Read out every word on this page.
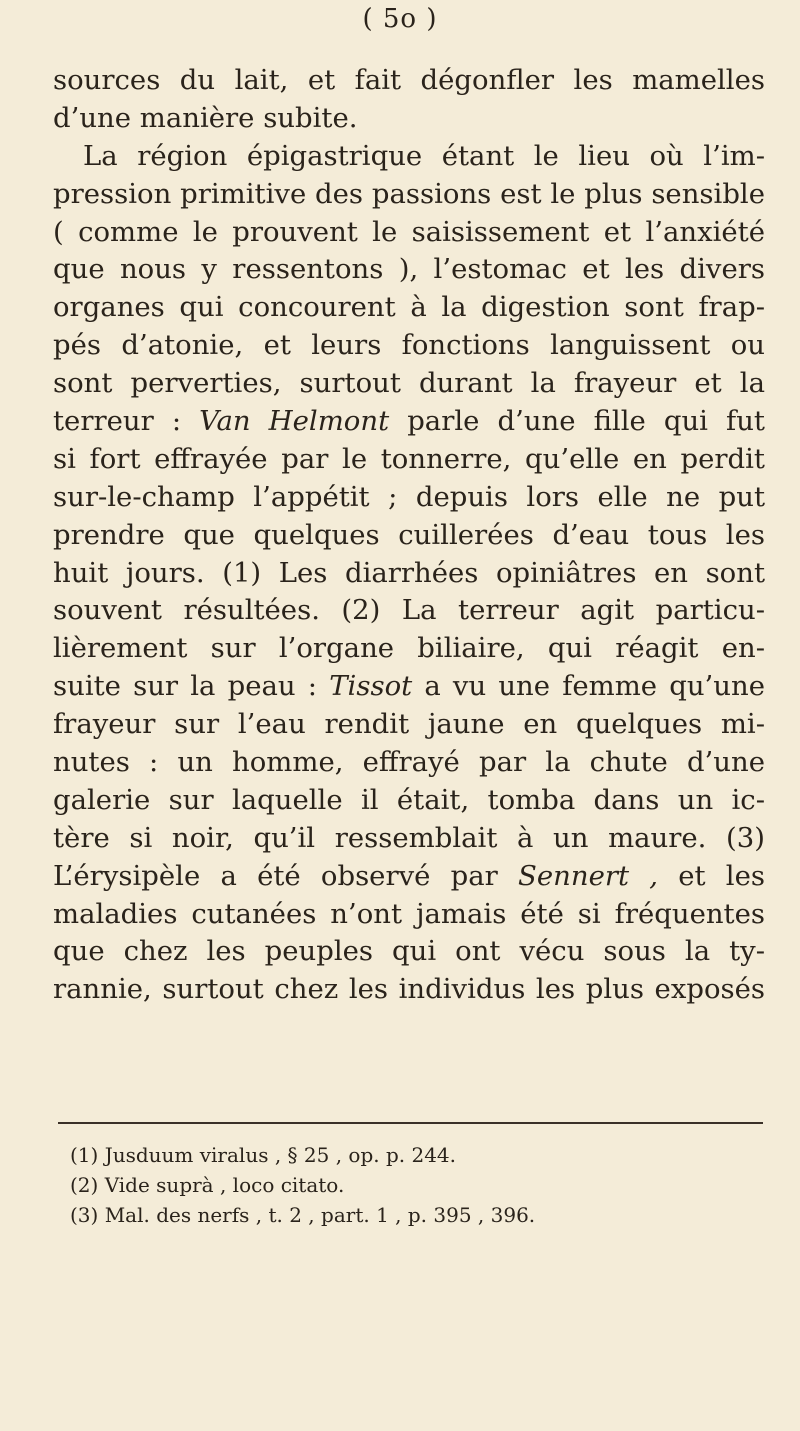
( 5o )
sources du lait, et fait dégonfler les mamelles
d’une manière subite.
La région épigastrique étant le lieu où l’im-
pression primitive des passions est le plus sensible
( comme le prouvent le saisissement et l’anxiété
que nous y ressentons ), l’estomac et les divers
organes qui concourent à la digestion sont frap-
pés d’atonie, et leurs fonctions languissent ou
sont perverties, surtout durant la frayeur et la
terreur : Van Helmont parle d’une fille qui fut
si fort effrayée par le tonnerre, qu’elle en perdit
sur-le-champ l’appétit ; depuis lors elle ne put
prendre que quelques cuillerées d’eau tous les
huit jours. (1) Les diarrhées opiniâtres en sont
souvent résultées. (2) La terreur agit particu-
lièrement sur l’organe biliaire, qui réagit en-
suite sur la peau : Tissot a vu une femme qu’une
frayeur sur l’eau rendit jaune en quelques mi-
nutes : un homme, effrayé par la chute d’une
galerie sur laquelle il était, tomba dans un ic-
tère si noir, qu’il ressemblait à un maure. (3)
L’érysipèle a été observé par Sennert , et les
maladies cutanées n’ont jamais été si fréquentes
que chez les peuples qui ont vécu sous la ty-
rannie, surtout chez les individus les plus exposés
(1) Jusduum viralus , § 25 , op. p. 244.
(2) Vide suprà , loco citato.
(3) Mal. des nerfs , t. 2 , part. 1 , p. 395 , 396.
